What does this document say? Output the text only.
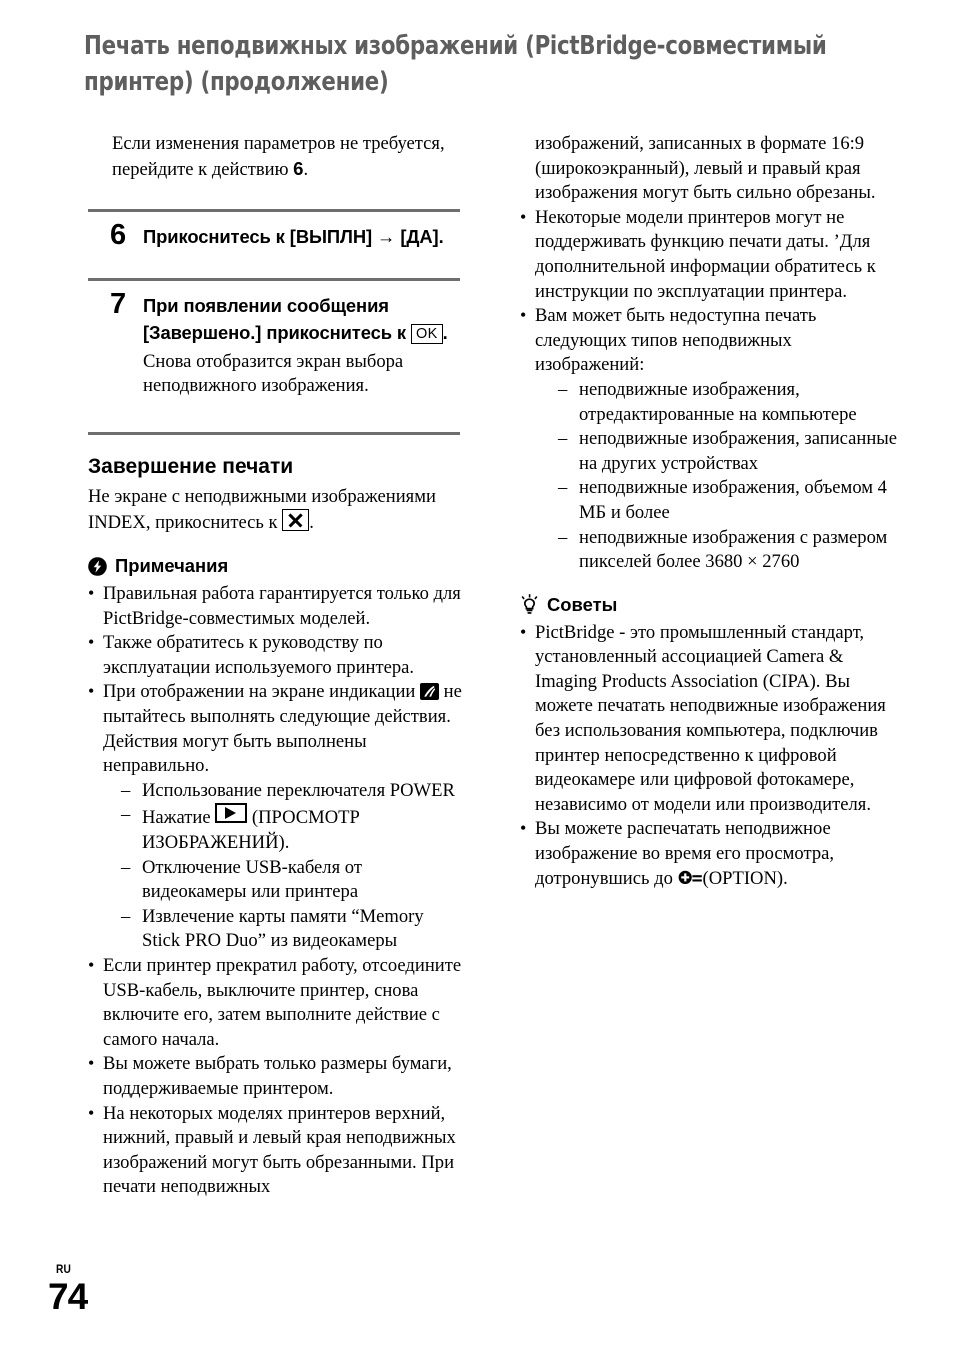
Печать неподвижных изображений (PictBridge-совместимый принтер) (продолжение)

Если изменения параметров не требуется, перейдите к действию 6.

6 Прикоснитесь к [ВЫПЛН] → [ДА].
7 При появлении сообщения [Завершено.] прикоснитесь к OK .
Снова отобразится экран выбора неподвижного изображения.
Завершение печати

Не экране с неподвижными изображениями INDEX, прикоснитесь к .

Примечания
• Правильная работа гарантируется только для PictBridge-совместимых моделей.
• Также обратитесь к руководству по эксплуатации используемого принтера.
• При отображении на экране индикации
не пытайтесь выполнять следующие действия. Действия могут быть выполнены неправильно.
– Использование переключателя POWER
– Нажатие  (ПРОСМОТР ИЗОБРАЖЕНИЙ).
– Отключение USB-кабеля от видеокамеры или принтера
– Извлечение карты памяти “Memory Stick PRO Duo” из видеокамеры
• Если принтер прекратил работу, отсоедините USB-кабель, выключите принтер, снова включите его, затем выполните действие с самого начала.
• Вы можете выбрать только размеры бумаги, поддерживаемые принтером.
• На некоторых моделях принтеров верхний, нижний, правый и левый края неподвижных изображений могут быть обрезанными. При печати неподвижных

изображений, записанных в формате 16:9 (широкоэкранный), левый и правый края изображения могут быть сильно обрезаны.

• Некоторые модели принтеров могут не поддерживать функцию печати даты. ’Для дополнительной информации обратитесь к инструкции по эксплуатации принтера.
• Вам может быть недоступна печать следующих типов неподвижных изображений:
– неподвижные изображения, отредактированные на компьютере
– неподвижные изображения, записанные на других устройствах
– неподвижные изображения, объемом 4 МБ и более
– неподвижные изображения с размером пикселей более 3680 × 2760
Советы
• PictBridge - это промышленный стандарт, установленный ассоциацией Camera & Imaging Products Association (CIPA). Вы можете печатать неподвижные изображения без использования компьютера, подключив принтер непосредственно к цифровой видеокамере или цифровой фотокамере, независимо от модели или производителя.
• Вы можете распечатать неподвижное изображение во время его просмотра, дотронувшись до (OPTION).
RU
74
